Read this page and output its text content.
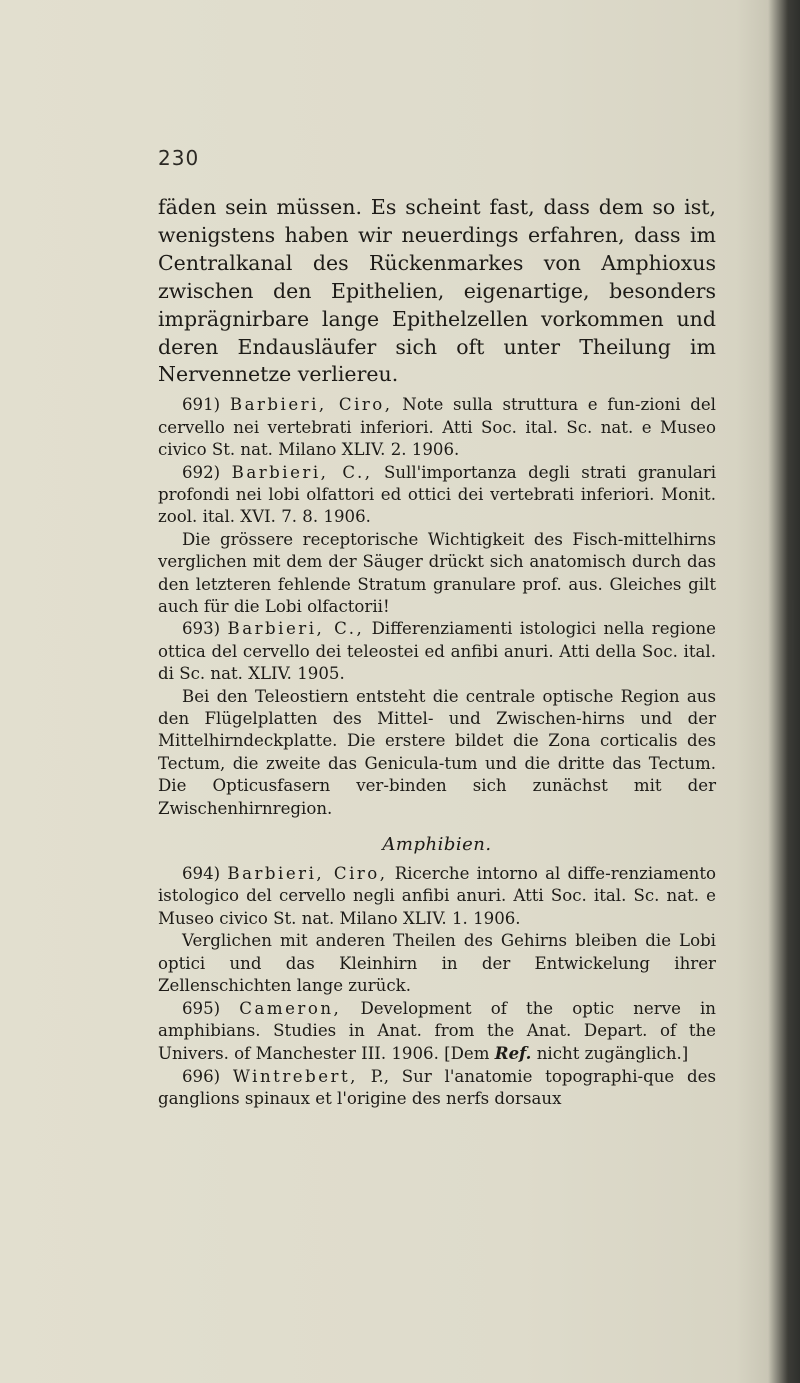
230

fäden sein müssen. Es scheint fast, dass dem so ist, wenigstens haben wir neuerdings erfahren, dass im Centralkanal des Rückenmarkes von Amphioxus zwischen den Epithelien, eigenartige, besonders imprägnirbare lange Epithelzellen vorkommen und deren Endausläufer sich oft unter Theilung im Nervennetze verliereu.

691) Barbieri, Ciro, Note sulla struttura e fun-zioni del cervello nei vertebrati inferiori. Atti Soc. ital. Sc. nat. e Museo civico St. nat. Milano XLIV. 2. 1906.

692) Barbieri, C., Sull'importanza degli strati granulari profondi nei lobi olfattori ed ottici dei vertebrati inferiori. Monit. zool. ital. XVI. 7. 8. 1906.

Die grössere receptorische Wichtigkeit des Fisch-mittelhirns verglichen mit dem der Säuger drückt sich anatomisch durch das den letzteren fehlende Stratum granulare prof. aus. Gleiches gilt auch für die Lobi olfactorii!

693) Barbieri, C., Differenziamenti istologici nella regione ottica del cervello dei teleostei ed anfibi anuri. Atti della Soc. ital. di Sc. nat. XLIV. 1905.

Bei den Teleostiern entsteht die centrale optische Region aus den Flügelplatten des Mittel- und Zwischen-hirns und der Mittelhirndeckplatte. Die erstere bildet die Zona corticalis des Tectum, die zweite das Genicula-tum und die dritte das Tectum. Die Opticusfasern ver-binden sich zunächst mit der Zwischenhirnregion.

Amphibien.

694) Barbieri, Ciro, Ricerche intorno al diffe-renziamento istologico del cervello negli anfibi anuri. Atti Soc. ital. Sc. nat. e Museo civico St. nat. Milano XLIV. 1. 1906.

Verglichen mit anderen Theilen des Gehirns bleiben die Lobi optici und das Kleinhirn in der Entwickelung ihrer Zellenschichten lange zurück.

695) Cameron, Development of the optic nerve in amphibians. Studies in Anat. from the Anat. Depart. of the Univers. of Manchester III. 1906. [Dem Ref. nicht zugänglich.]

696) Wintrebert, P., Sur l'anatomie topographi-que des ganglions spinaux et l'origine des nerfs dorsaux
